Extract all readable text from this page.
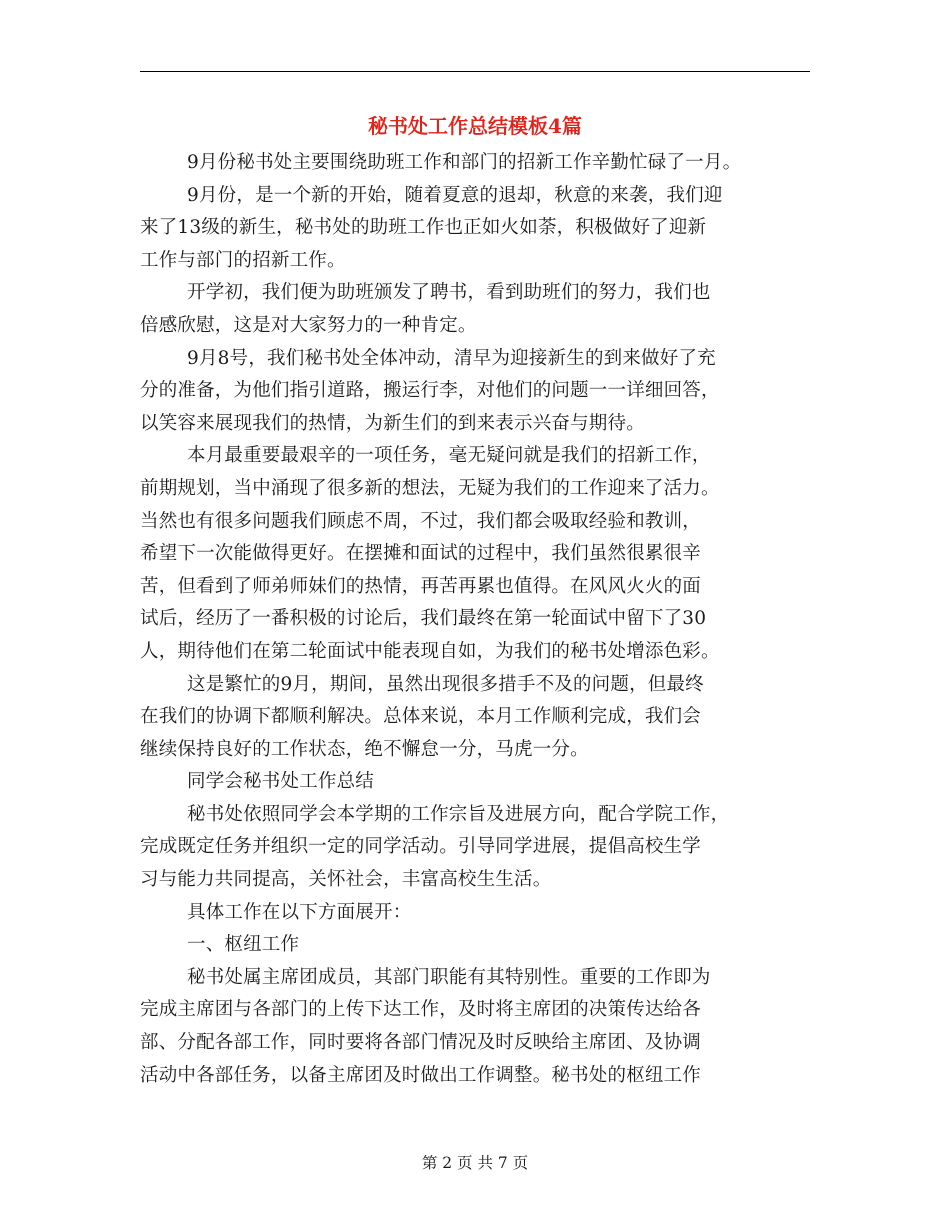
秘书处工作总结模板4篇
9月份秘书处主要围绕助班工作和部门的招新工作辛勤忙碌了一月。
9月份，是一个新的开始，随着夏意的退却，秋意的来袭，我们迎
来了13级的新生，秘书处的助班工作也正如火如荼，积极做好了迎新
工作与部门的招新工作。
开学初，我们便为助班颁发了聘书，看到助班们的努力，我们也
倍感欣慰，这是对大家努力的一种肯定。
9月8号，我们秘书处全体冲动，清早为迎接新生的到来做好了充
分的准备，为他们指引道路，搬运行李，对他们的问题一一详细回答，
以笑容来展现我们的热情，为新生们的到来表示兴奋与期待。
本月最重要最艰辛的一项任务，毫无疑问就是我们的招新工作，
前期规划，当中涌现了很多新的想法，无疑为我们的工作迎来了活力。
当然也有很多问题我们顾虑不周，不过，我们都会吸取经验和教训，
希望下一次能做得更好。在摆摊和面试的过程中，我们虽然很累很辛
苦，但看到了师弟师妹们的热情，再苦再累也值得。在风风火火的面
试后，经历了一番积极的讨论后，我们最终在第一轮面试中留下了30
人，期待他们在第二轮面试中能表现自如，为我们的秘书处增添色彩。
这是繁忙的9月，期间，虽然出现很多措手不及的问题，但最终
在我们的协调下都顺利解决。总体来说，本月工作顺利完成，我们会
继续保持良好的工作状态，绝不懈怠一分，马虎一分。
同学会秘书处工作总结
秘书处依照同学会本学期的工作宗旨及进展方向，配合学院工作，
完成既定任务并组织一定的同学活动。引导同学进展，提倡高校生学
习与能力共同提高，关怀社会，丰富高校生生活。
具体工作在以下方面展开：
一、枢纽工作
秘书处属主席团成员，其部门职能有其特别性。重要的工作即为
完成主席团与各部门的上传下达工作，及时将主席团的决策传达给各
部、分配各部工作，同时要将各部门情况及时反映给主席团、及协调
活动中各部任务，以备主席团及时做出工作调整。秘书处的枢纽工作
第 2 页 共 7 页
